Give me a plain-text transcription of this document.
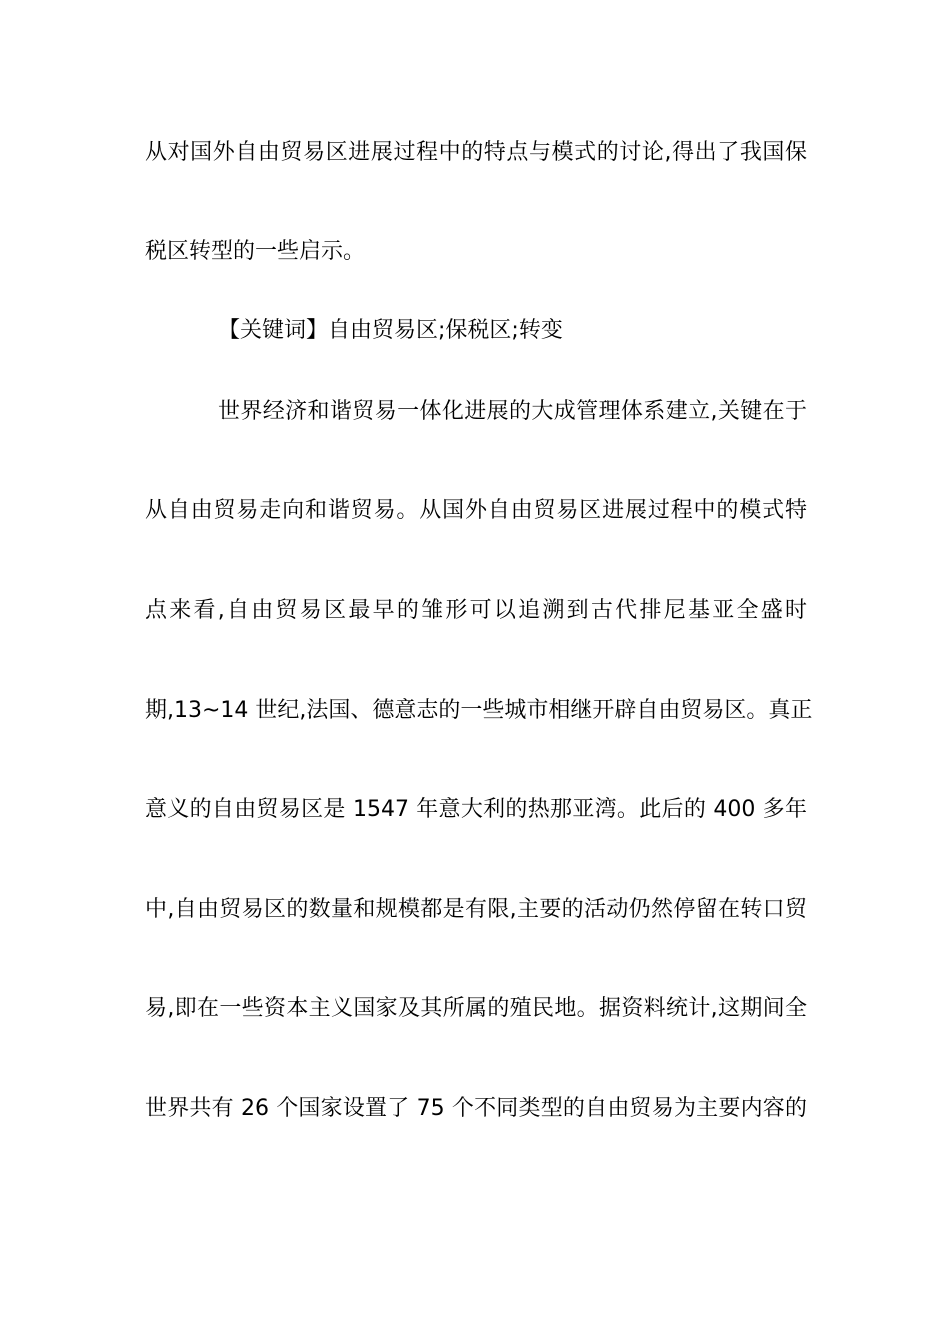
从对国外自由贸易区进展过程中的特点与模式的讨论,得出了我国保
税区转型的一些启示。
【关键词】自由贸易区;保税区;转变
世界经济和谐贸易一体化进展的大成管理体系建立,关键在于
从自由贸易走向和谐贸易。从国外自由贸易区进展过程中的模式特
点来看,自由贸易区最早的雏形可以追溯到古代排尼基亚全盛时
期,13~14 世纪,法国、德意志的一些城市相继开辟自由贸易区。真正
意义的自由贸易区是 1547 年意大利的热那亚湾。此后的 400 多年
中,自由贸易区的数量和规模都是有限,主要的活动仍然停留在转口贸
易,即在一些资本主义国家及其所属的殖民地。据资料统计,这期间全
世界共有 26 个国家设置了 75 个不同类型的自由贸易为主要内容的
